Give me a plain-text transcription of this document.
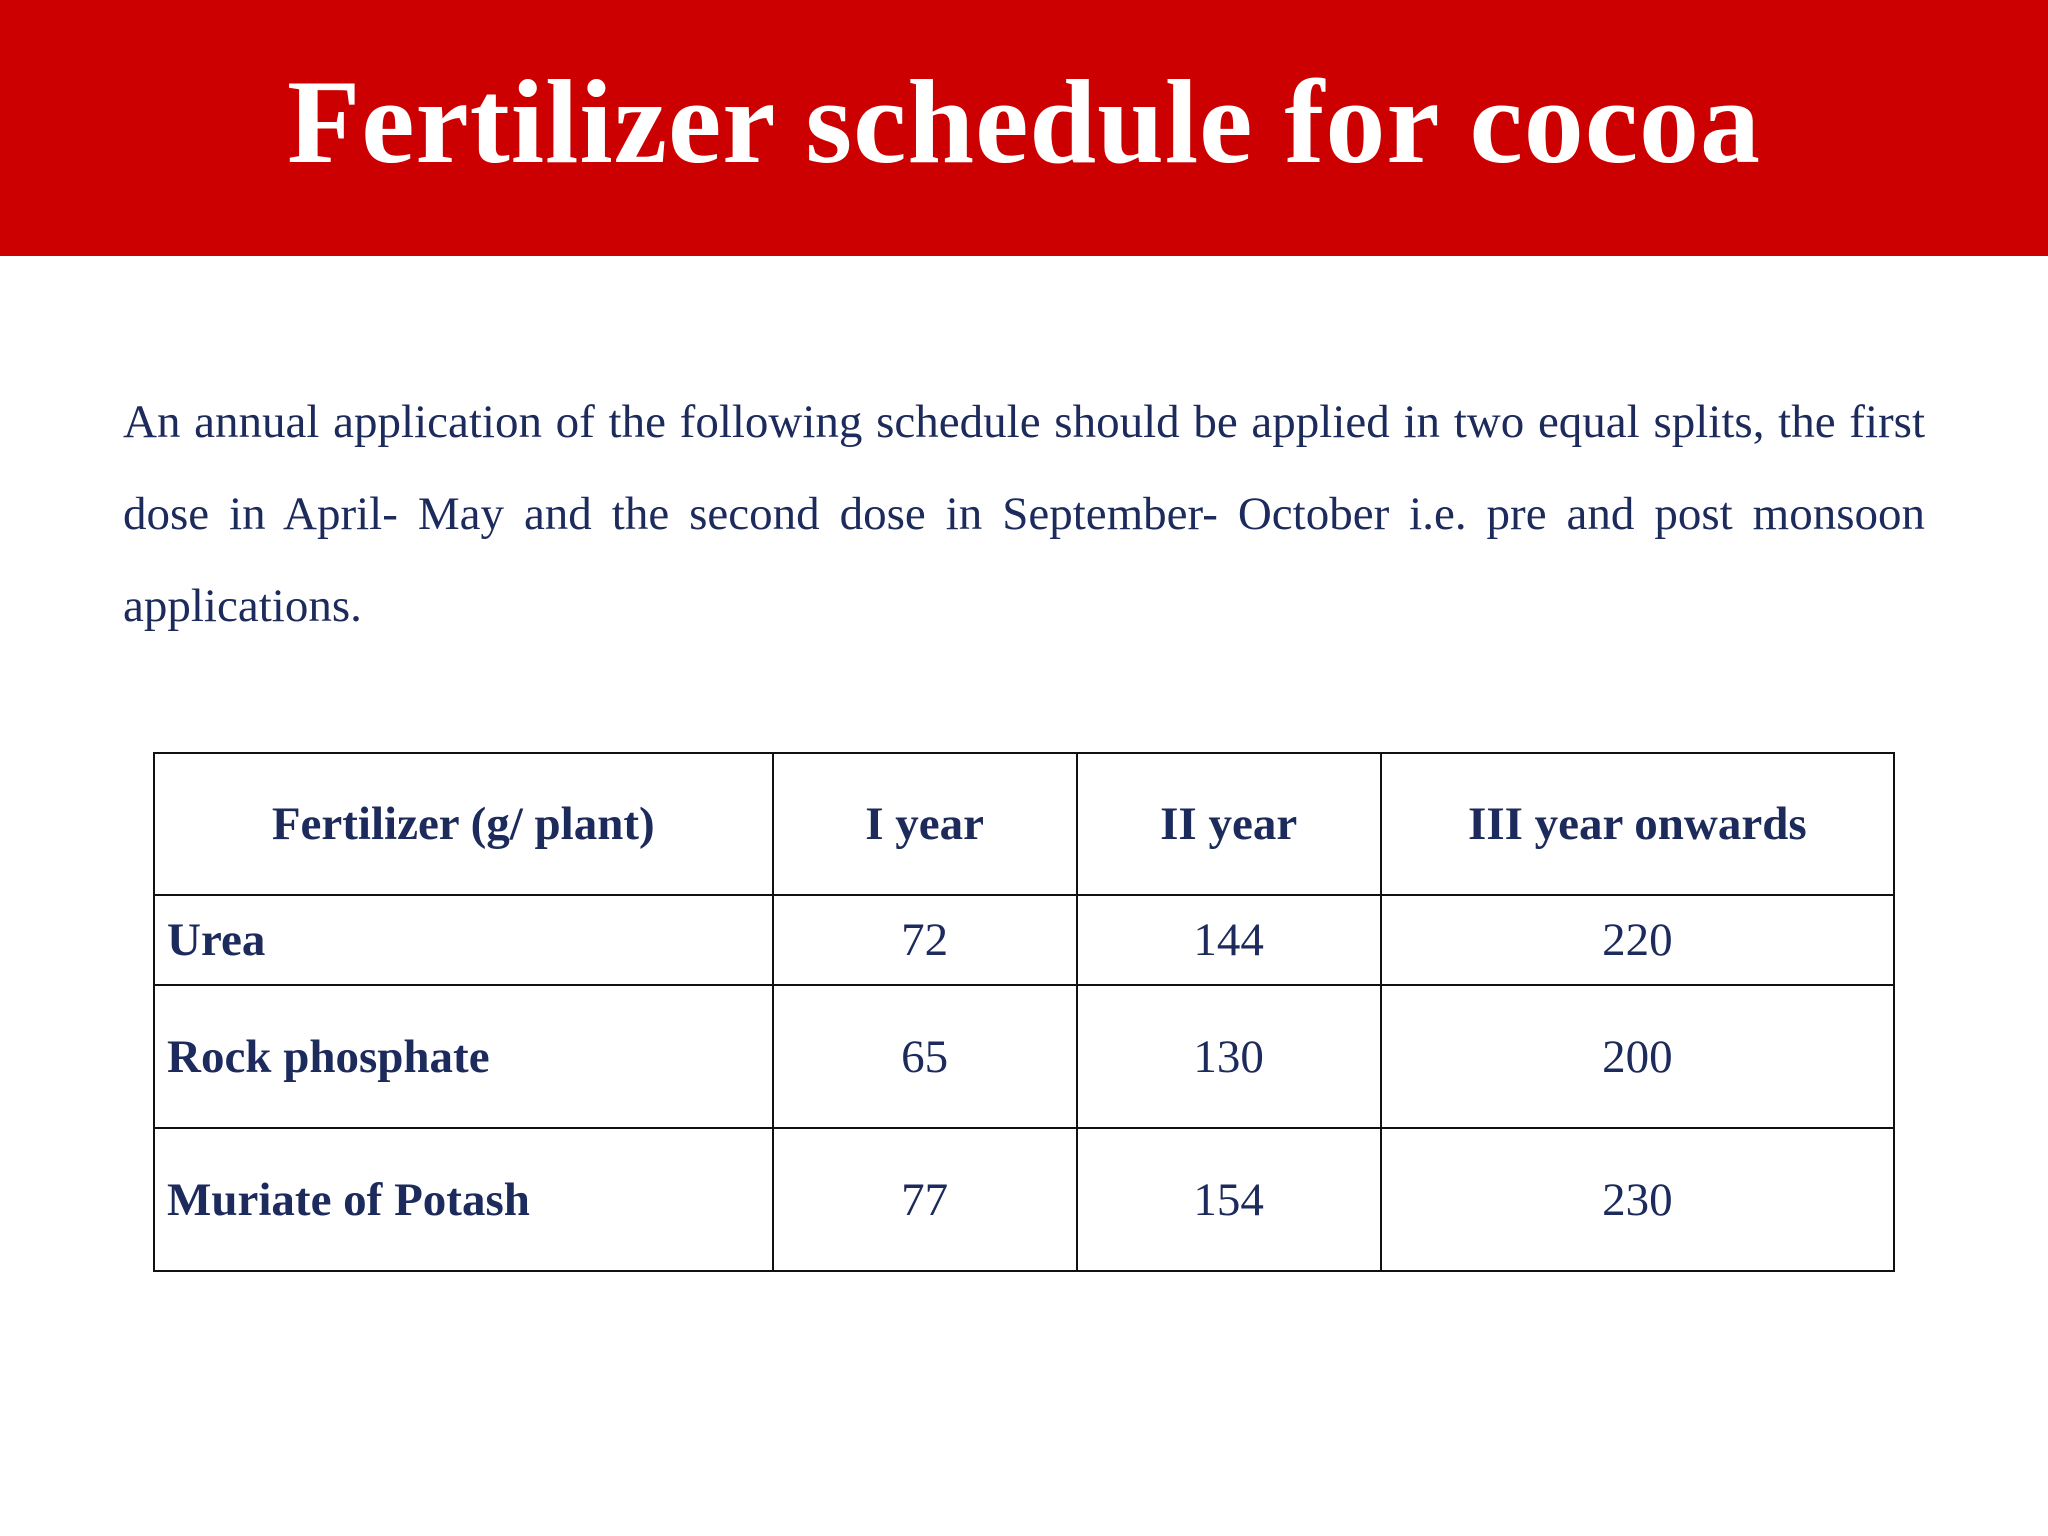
Fertilizer schedule for cocoa

An annual application of the following schedule should be applied in two equal splits, the first dose in April- May and the second dose in September- October i.e. pre and post monsoon applications.

Fertilizer (g/ plant)	I year	II year	III year onwards
Urea	72	144	220
Rock phosphate	65	130	200
Muriate of Potash	77	154	230
